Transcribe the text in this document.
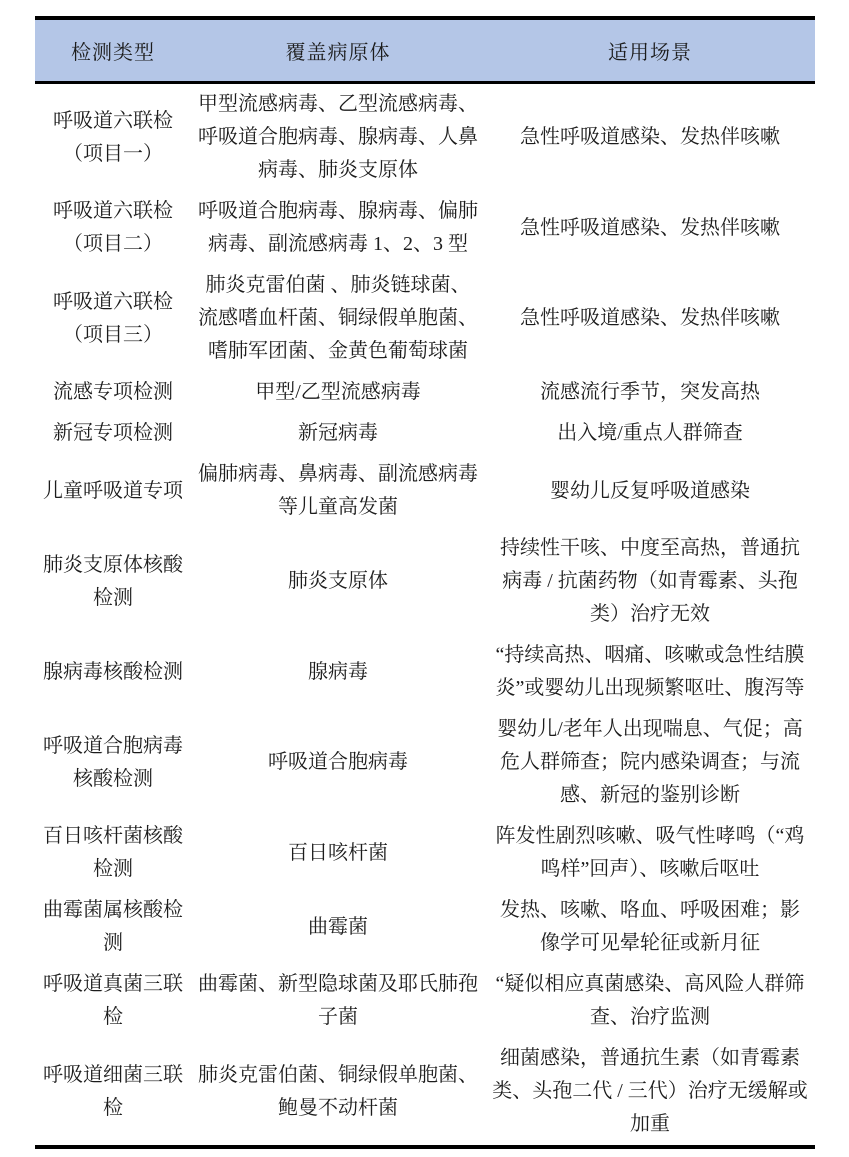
检测类型	覆盖病原体	适用场景
呼吸道六联检（项目一）	甲型流感病毒、乙型流感病毒、呼吸道合胞病毒、腺病毒、人鼻病毒、肺炎支原体	急性呼吸道感染、发热伴咳嗽
呼吸道六联检（项目二）	呼吸道合胞病毒、腺病毒、偏肺病毒、副流感病毒 1、2、3 型	急性呼吸道感染、发热伴咳嗽
呼吸道六联检（项目三）	肺炎克雷伯菌 、肺炎链球菌、流感嗜血杆菌、铜绿假单胞菌、嗜肺军团菌、金黄色葡萄球菌	急性呼吸道感染、发热伴咳嗽
流感专项检测	甲型/乙型流感病毒	流感流行季节，突发高热
新冠专项检测	新冠病毒	出入境/重点人群筛查
儿童呼吸道专项	偏肺病毒、鼻病毒、副流感病毒等儿童高发菌	婴幼儿反复呼吸道感染
肺炎支原体核酸检测	肺炎支原体	持续性干咳、中度至高热，普通抗病毒 / 抗菌药物（如青霉素、头孢类）治疗无效
腺病毒核酸检测	腺病毒	“持续高热、咽痛、咳嗽或急性结膜炎”或婴幼儿出现频繁呕吐、腹泻等
呼吸道合胞病毒核酸检测	呼吸道合胞病毒	婴幼儿/老年人出现喘息、气促；高危人群筛查；院内感染调查；与流感、新冠的鉴别诊断
百日咳杆菌核酸检测	百日咳杆菌	阵发性剧烈咳嗽、吸气性哮鸣（“鸡鸣样”回声）、咳嗽后呕吐
曲霉菌属核酸检测	曲霉菌	发热、咳嗽、咯血、呼吸困难；影像学可见晕轮征或新月征
呼吸道真菌三联检	曲霉菌、新型隐球菌及耶氏肺孢子菌	“疑似相应真菌感染、高风险人群筛查、治疗监测
呼吸道细菌三联检	肺炎克雷伯菌、铜绿假单胞菌、鲍曼不动杆菌	细菌感染，普通抗生素（如青霉素类、头孢二代 / 三代）治疗无缓解或加重
